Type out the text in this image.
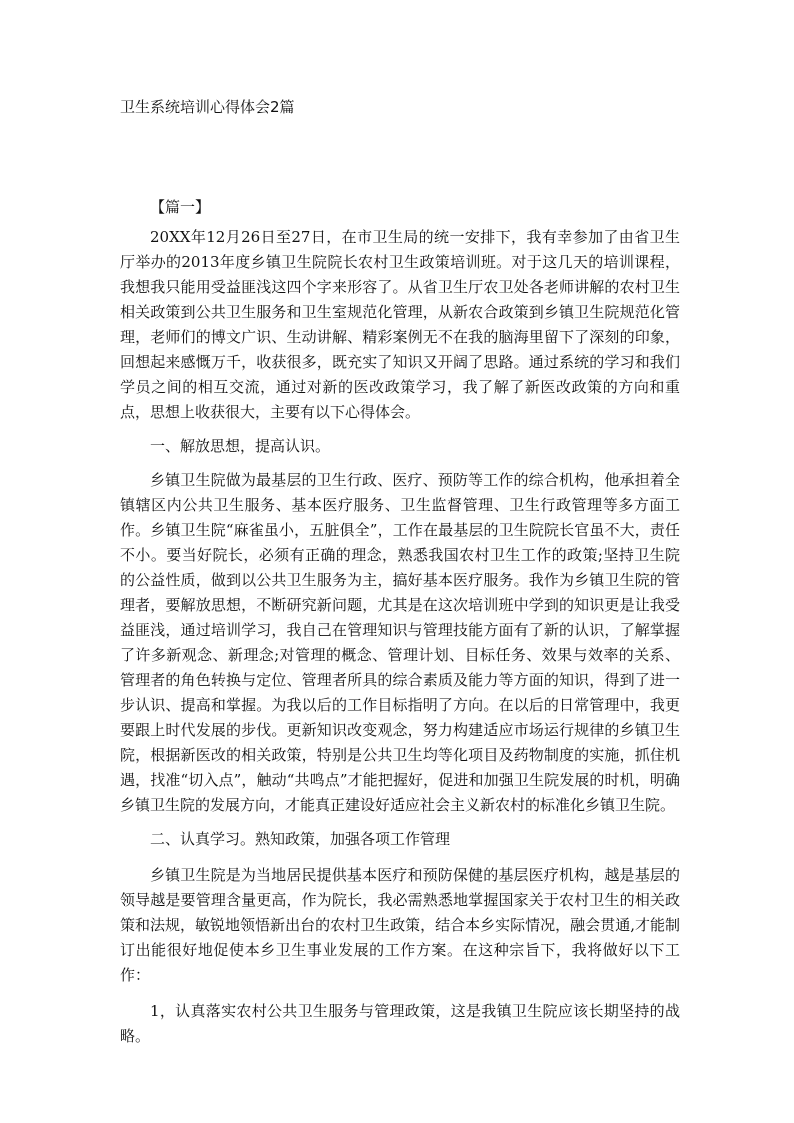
卫生系统培训心得体会2篇

【篇一】

20XX年12月26日至27日，在市卫生局的统一安排下，我有幸参加了由省卫生厅举办的2013年度乡镇卫生院院长农村卫生政策培训班。对于这几天的培训课程，我想我只能用受益匪浅这四个字来形容了。从省卫生厅农卫处各老师讲解的农村卫生相关政策到公共卫生服务和卫生室规范化管理，从新农合政策到乡镇卫生院规范化管理，老师们的博文广识、生动讲解、精彩案例无不在我的脑海里留下了深刻的印象，回想起来感慨万千，收获很多，既充实了知识又开阔了思路。通过系统的学习和我们学员之间的相互交流，通过对新的医改政策学习，我了解了新医改政策的方向和重点，思想上收获很大，主要有以下心得体会。

一、解放思想，提高认识。

乡镇卫生院做为最基层的卫生行政、医疗、预防等工作的综合机构，他承担着全镇辖区内公共卫生服务、基本医疗服务、卫生监督管理、卫生行政管理等多方面工作。乡镇卫生院“麻雀虽小，五脏俱全”，工作在最基层的卫生院院长官虽不大，责任不小。要当好院长，必须有正确的理念，熟悉我国农村卫生工作的政策;坚持卫生院的公益性质，做到以公共卫生服务为主，搞好基本医疗服务。我作为乡镇卫生院的管理者，要解放思想，不断研究新问题，尤其是在这次培训班中学到的知识更是让我受益匪浅，通过培训学习，我自己在管理知识与管理技能方面有了新的认识，了解掌握了许多新观念、新理念;对管理的概念、管理计划、目标任务、效果与效率的关系、管理者的角色转换与定位、管理者所具的综合素质及能力等方面的知识，得到了进一步认识、提高和掌握。为我以后的工作目标指明了方向。在以后的日常管理中，我更要跟上时代发展的步伐。更新知识改变观念，努力构建适应市场运行规律的乡镇卫生院，根据新医改的相关政策，特别是公共卫生均等化项目及药物制度的实施，抓住机遇，找准“切入点”，触动“共鸣点”才能把握好，促进和加强卫生院发展的时机，明确乡镇卫生院的发展方向，才能真正建设好适应社会主义新农村的标准化乡镇卫生院。

二、认真学习。熟知政策，加强各项工作管理

乡镇卫生院是为当地居民提供基本医疗和预防保健的基层医疗机构，越是基层的领导越是要管理含量更高，作为院长，我必需熟悉地掌握国家关于农村卫生的相关政策和法规，敏锐地领悟新出台的农村卫生政策，结合本乡实际情况，融会贯通,才能制订出能很好地促使本乡卫生事业发展的工作方案。在这种宗旨下，我将做好以下工作：

1，认真落实农村公共卫生服务与管理政策，这是我镇卫生院应该长期坚持的战略。
